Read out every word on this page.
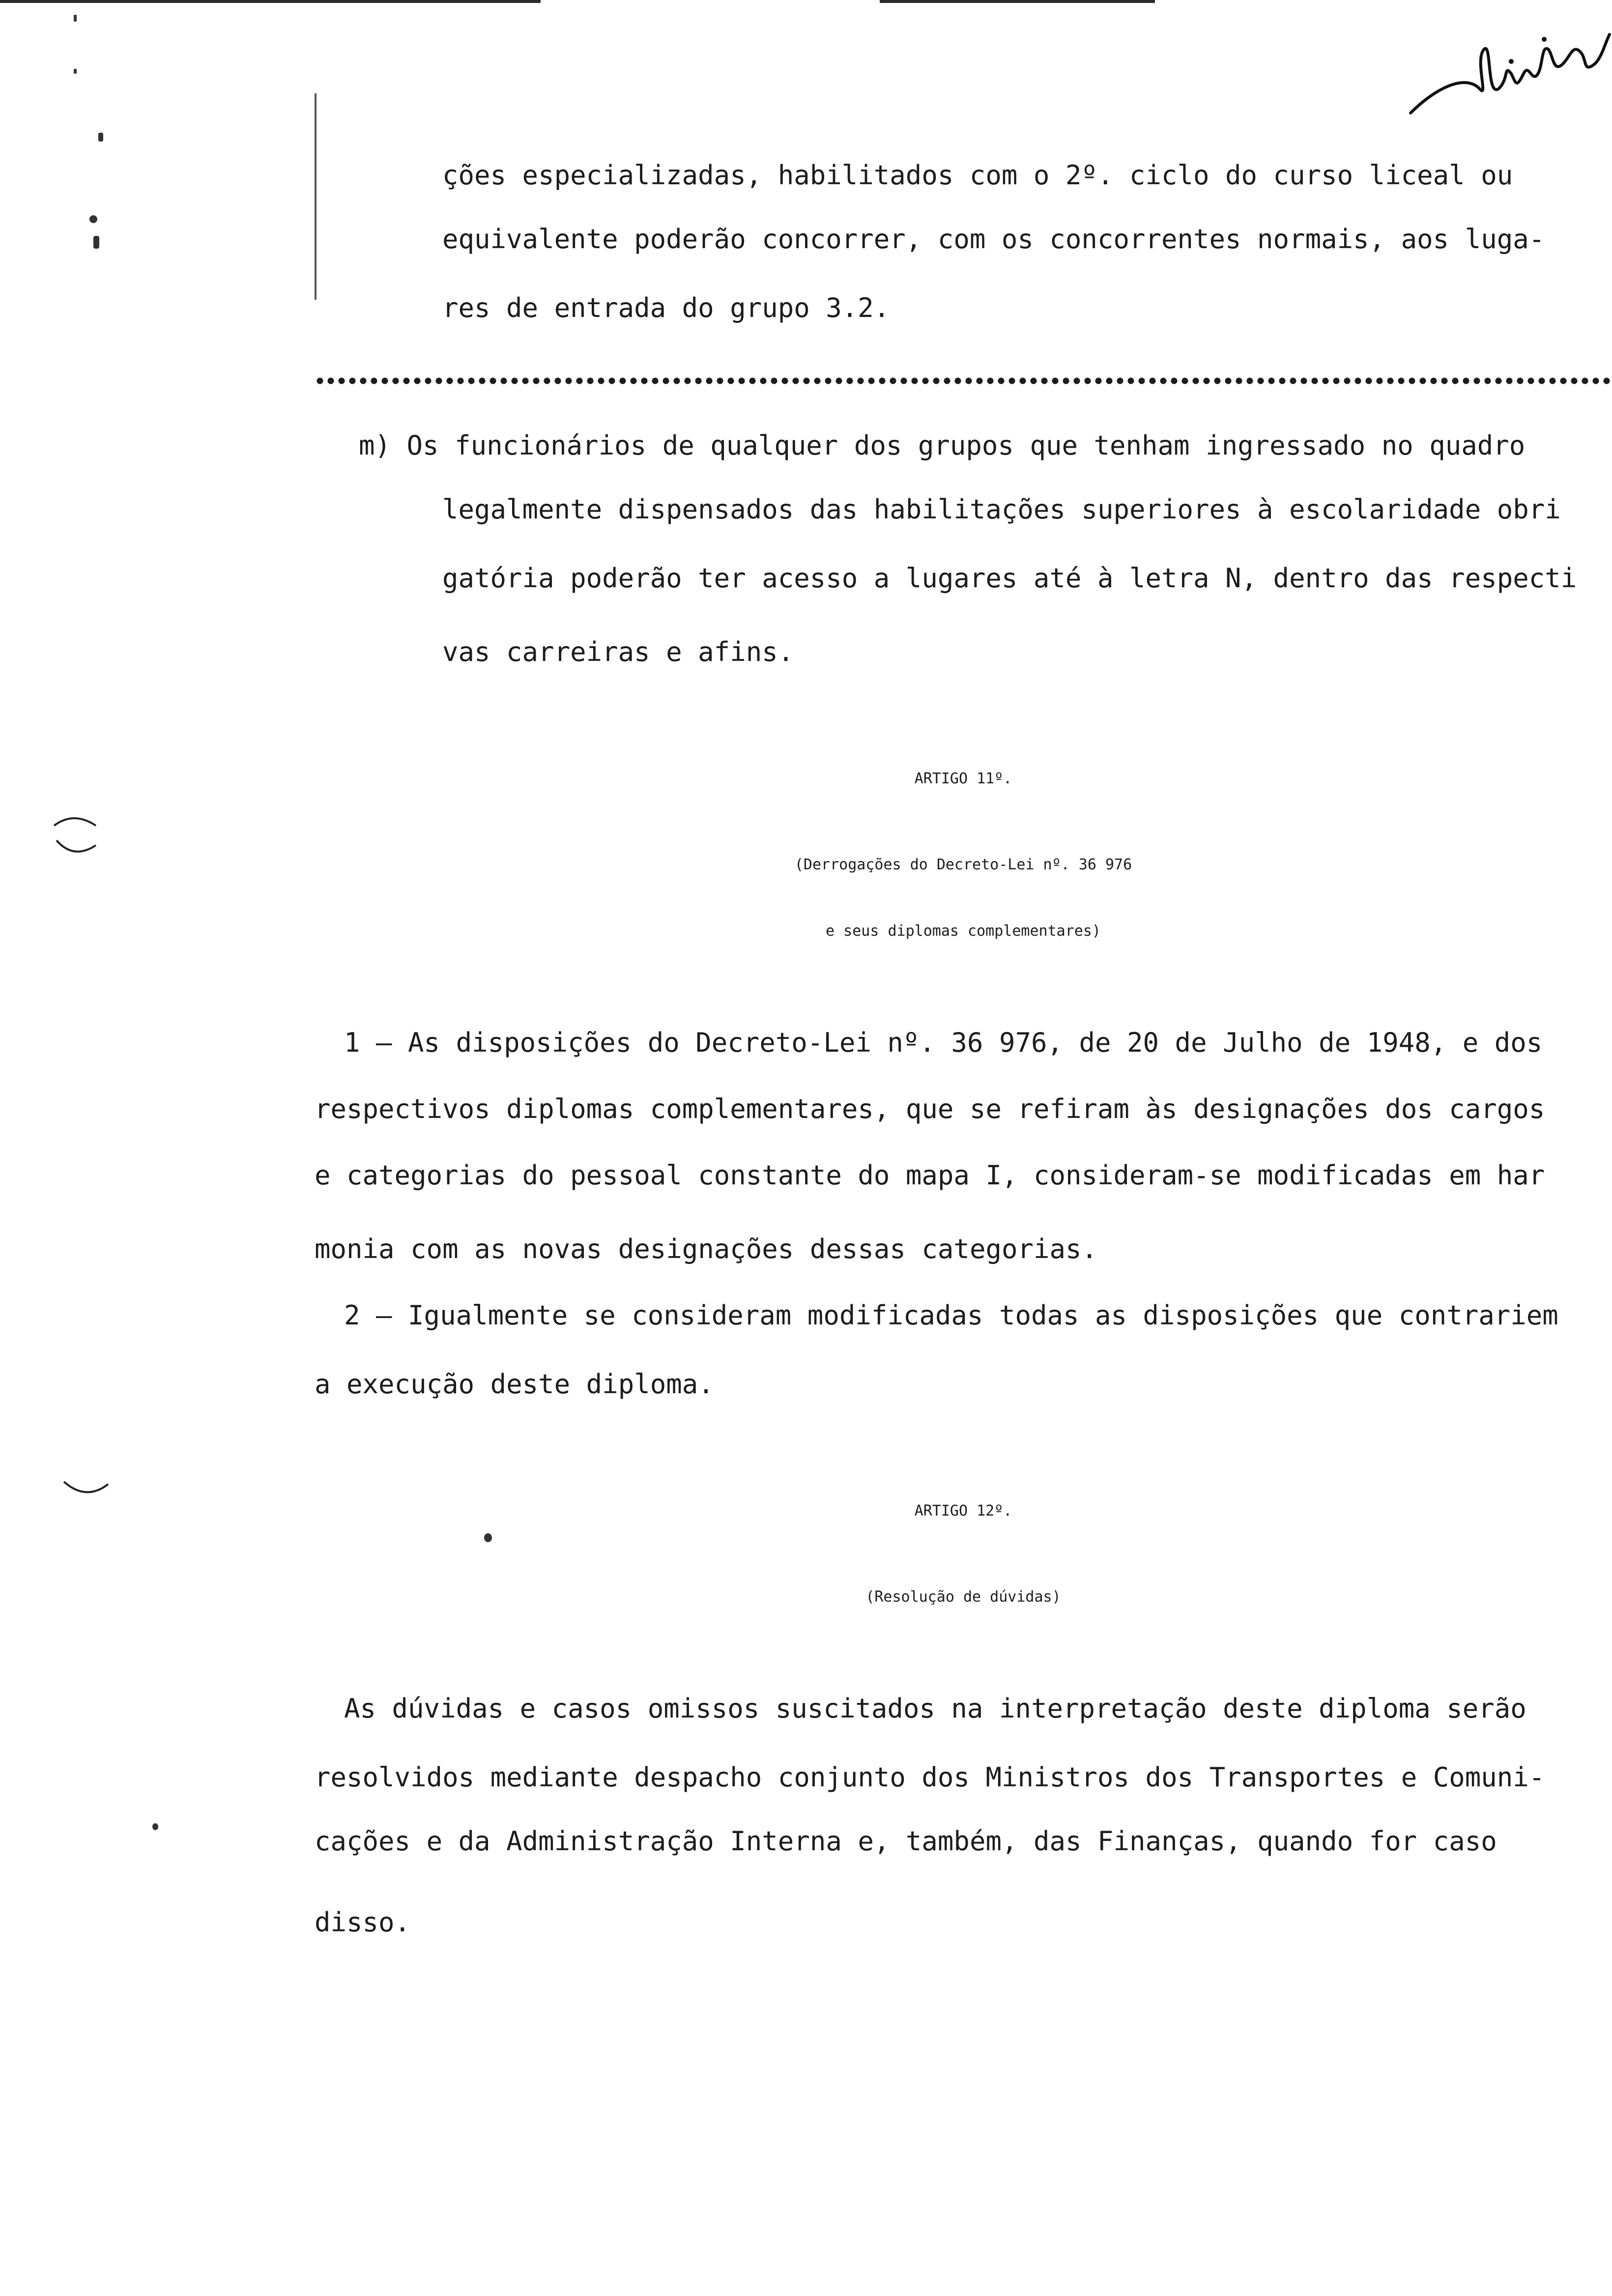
ções especializadas, habilitados com o 2º. ciclo do curso liceal ou
equivalente poderão concorrer, com os concorrentes normais, aos luga-
res de entrada do grupo 3.2.
m) Os funcionários de qualquer dos grupos que tenham ingressado no quadro
legalmente dispensados das habilitações superiores à escolaridade obri
gatória poderão ter acesso a lugares até à letra N, dentro das respecti
vas carreiras e afins.
ARTIGO 11º.
(Derrogações do Decreto-Lei nº. 36 976
e seus diplomas complementares)
1 — As disposições do Decreto-Lei nº. 36 976, de 20 de Julho de 1948, e dos
respectivos diplomas complementares, que se refiram às designações dos cargos
e categorias do pessoal constante do mapa I, consideram-se modificadas em har
monia com as novas designações dessas categorias.
2 — Igualmente se consideram modificadas todas as disposições que contrariem
a execução deste diploma.
ARTIGO 12º.
(Resolução de dúvidas)
As dúvidas e casos omissos suscitados na interpretação deste diploma serão
resolvidos mediante despacho conjunto dos Ministros dos Transportes e Comuni-
cações e da Administração Interna e, também, das Finanças, quando for caso
disso.
